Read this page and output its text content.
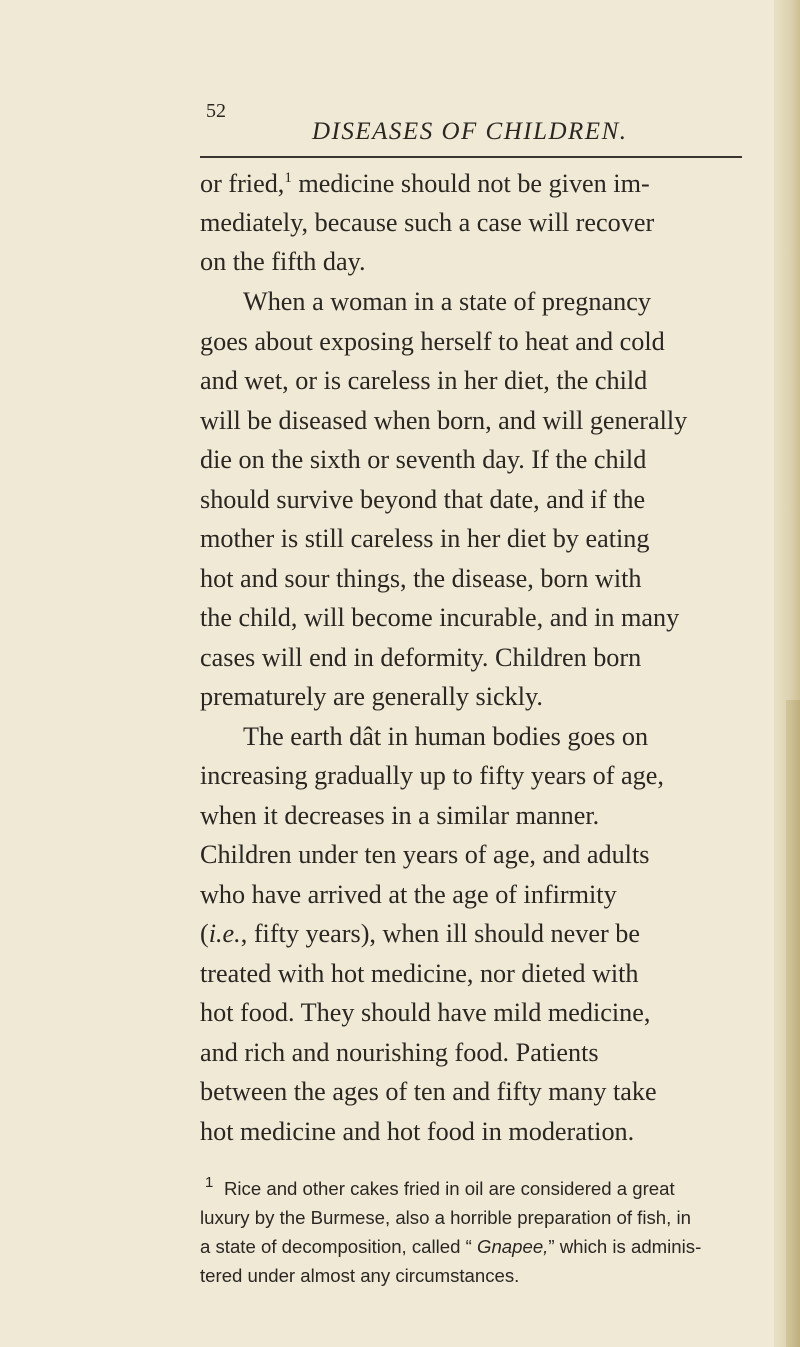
52
DISEASES OF CHILDREN.
or fried,$^1$ medicine should not be given im-
mediately, because such a case will recover
on the fifth day.
When a woman in a state of pregnancy
goes about exposing herself to heat and cold
and wet, or is careless in her diet, the child
will be diseased when born, and will generally
die on the sixth or seventh day. If the child
should survive beyond that date, and if the
mother is still careless in her diet by eating
hot and sour things, the disease, born with
the child, will become incurable, and in many
cases will end in deformity. Children born
prematurely are generally sickly.
The earth dât in human bodies goes on
increasing gradually up to fifty years of age,
when it decreases in a similar manner.
Children under ten years of age, and adults
who have arrived at the age of infirmity
(i.e., fifty years), when ill should never be
treated with hot medicine, nor dieted with
hot food. They should have mild medicine,
and rich and nourishing food. Patients
between the ages of ten and fifty many take
hot medicine and hot food in moderation.
1 Rice and other cakes fried in oil are considered a great
luxury by the Burmese, also a horrible preparation of fish, in
a state of decomposition, called “ Gnapee,” which is adminis-
tered under almost any circumstances.
